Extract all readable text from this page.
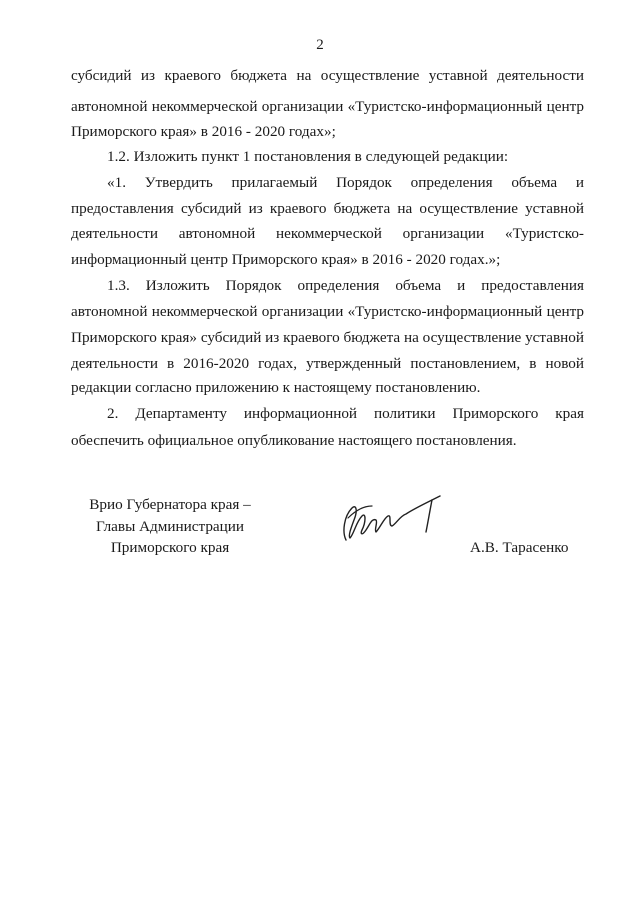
2
субсидий из краевого бюджета на осуществление уставной деятельности
автономной некоммерческой организации «Туристско-информационный центр
Приморского края» в 2016 - 2020 годах»;
1.2. Изложить пункт 1 постановления в следующей редакции:
«1. Утвердить прилагаемый Порядок определения объема и
предоставления субсидий из краевого бюджета на осуществление уставной
деятельности автономной некоммерческой организации «Туристско-
информационный центр Приморского края» в 2016 - 2020 годах.»;
1.3. Изложить Порядок определения объема и предоставления
автономной некоммерческой организации «Туристско-информационный центр
Приморского края» субсидий из краевого бюджета на осуществление уставной
деятельности в 2016-2020 годах, утвержденный постановлением, в новой
редакции согласно приложению к настоящему постановлению.
2. Департаменту информационной политики Приморского края
обеспечить официальное опубликование настоящего постановления.
Врио Губернатора края –
Главы Администрации
Приморского края	А.В. Тарасенко
